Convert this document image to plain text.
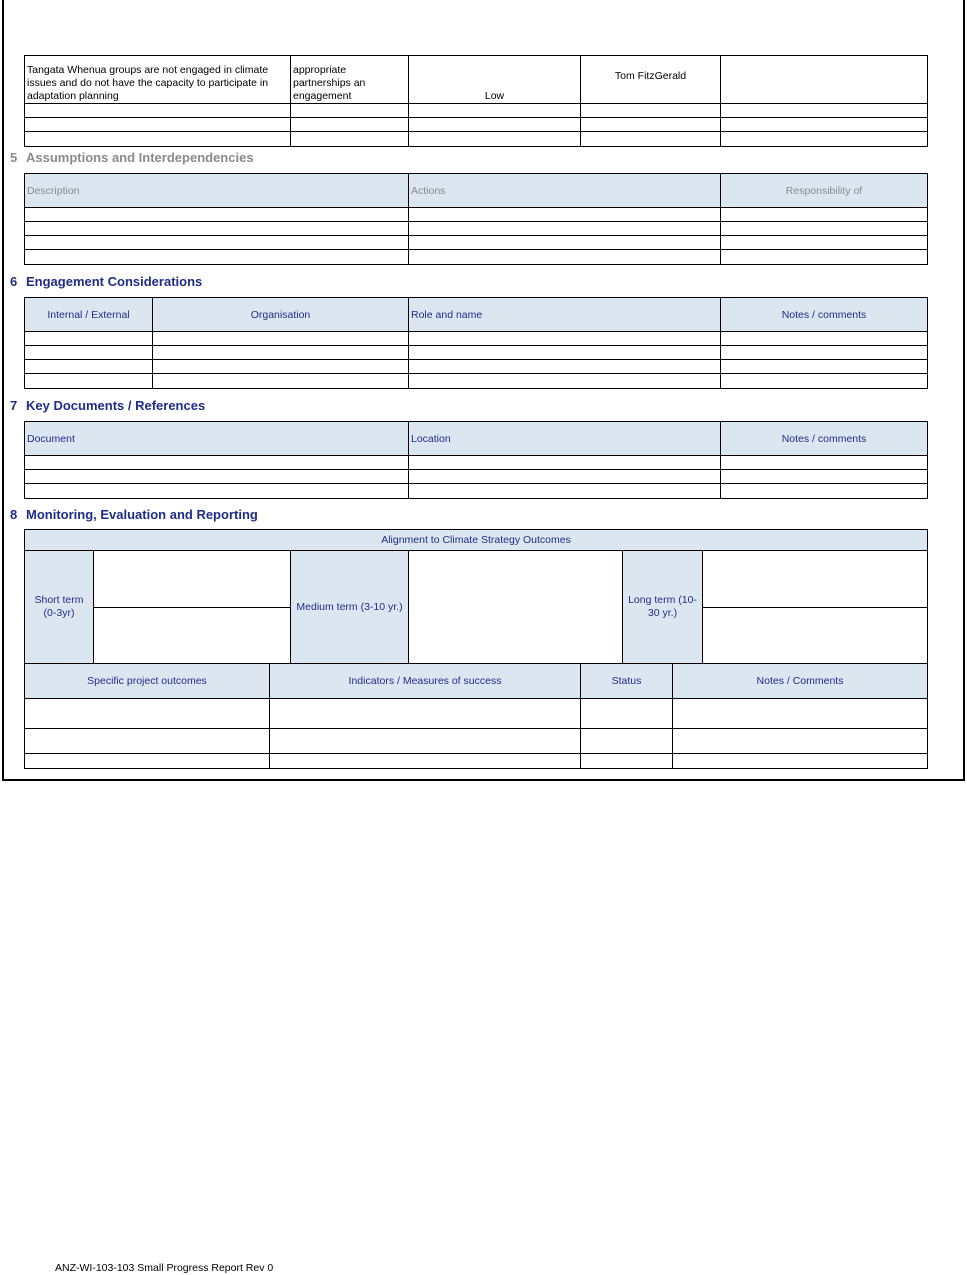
Tangata Whenua groups are not engaged in climate issues and do not have the capacity to participate in adaptation planning	appropriate partnerships an engagement	Low	Tom FitzGerald	

5 Assumptions and Interdependencies
Description	Actions	Responsibility of

6 Engagement Considerations
Internal / External	Organisation	Role and name	Notes / comments

7 Key Documents / References
Document	Location	Notes / comments

8 Monitoring, Evaluation and Reporting
Alignment to Climate Strategy Outcomes					
Short term (0-3yr)		Medium term (3-10 yr.)		Long term (10-30 yr.)	

Specific project outcomes	Indicators / Measures of success	Status	Notes / Comments

ANZ-WI-103-103 Small Progress Report Rev 0
